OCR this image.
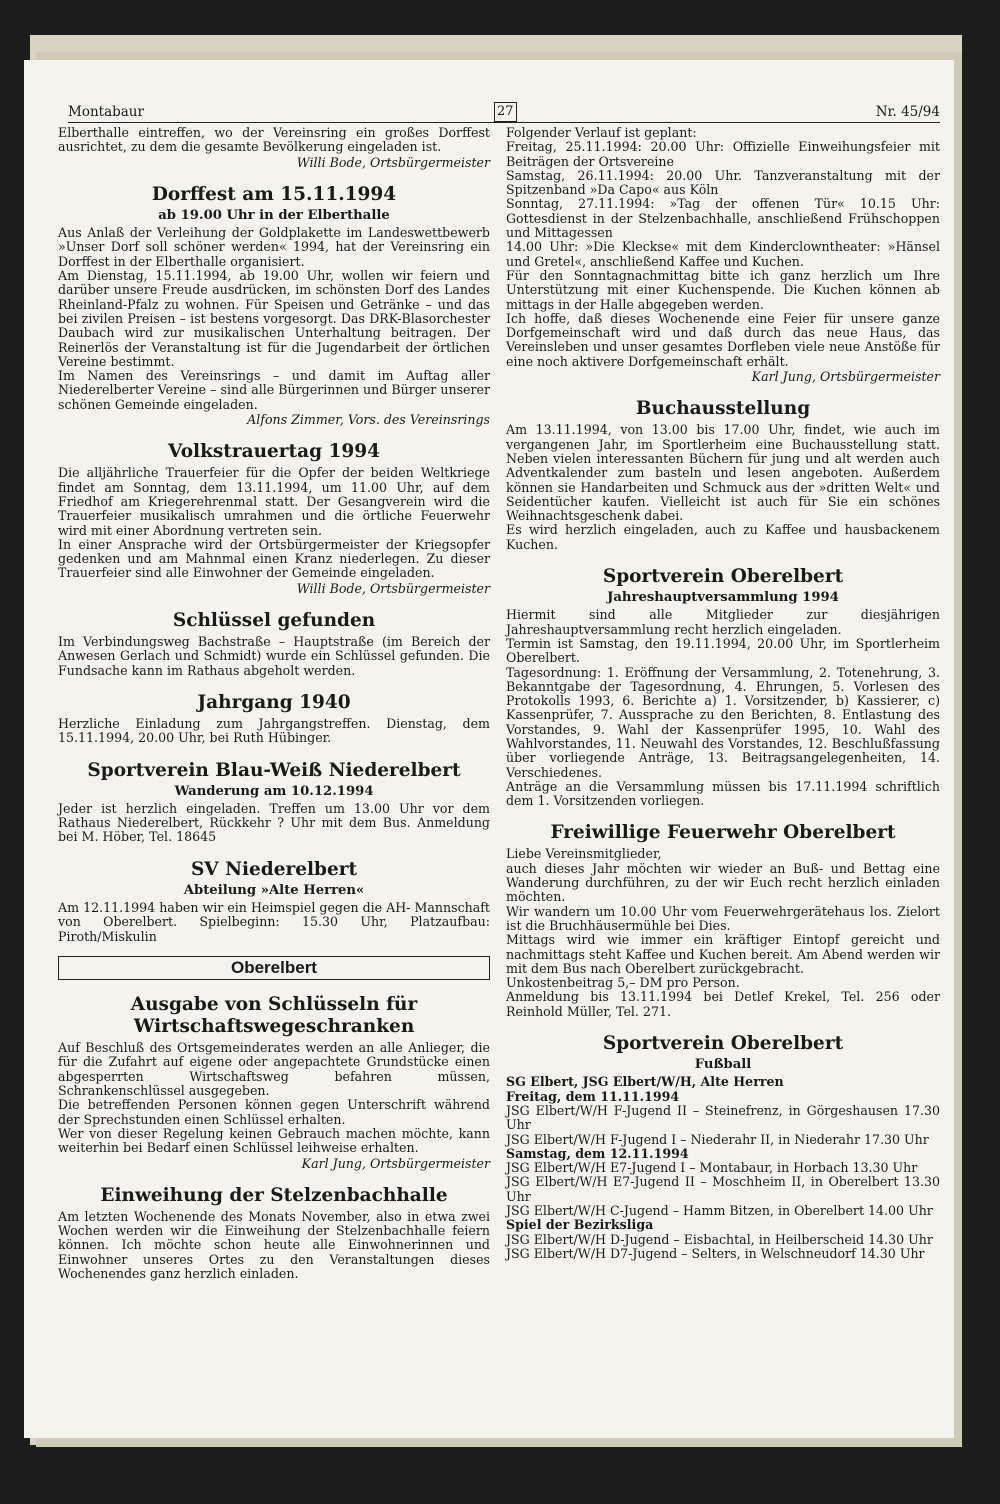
Montabaur	27	Nr. 45/94

Elberthalle eintreffen, wo der Vereinsring ein großes Dorffest ausrichtet, zu dem die gesamte Bevölkerung eingeladen ist.

Willi Bode, Ortsbürgermeister

Dorffest am 15.11.1994
ab 19.00 Uhr in der Elberthalle

Aus Anlaß der Verleihung der Goldplakette im Landeswettbewerb »Unser Dorf soll schöner werden« 1994, hat der Vereinsring ein Dorffest in der Elberthalle organisiert.

Am Dienstag, 15.11.1994, ab 19.00 Uhr, wollen wir feiern und darüber unsere Freude ausdrücken, im schönsten Dorf des Landes Rheinland-Pfalz zu wohnen. Für Speisen und Getränke – und das bei zivilen Preisen – ist bestens vorgesorgt. Das DRK-Blasorchester Daubach wird zur musikalischen Unterhaltung beitragen. Der Reinerlös der Veranstaltung ist für die Jugendarbeit der örtlichen Vereine bestimmt.

Im Namen des Vereinsrings – und damit im Auftag aller Niederelberter Vereine – sind alle Bürgerinnen und Bürger unserer schönen Gemeinde eingeladen.

Alfons Zimmer, Vors. des Vereinsrings

Volkstrauertag 1994

Die alljährliche Trauerfeier für die Opfer der beiden Weltkriege findet am Sonntag, dem 13.11.1994, um 11.00 Uhr, auf dem Friedhof am Kriegerehrenmal statt. Der Gesangverein wird die Trauerfeier musikalisch umrahmen und die örtliche Feuerwehr wird mit einer Abordnung vertreten sein.

In einer Ansprache wird der Ortsbürgermeister der Kriegsopfer gedenken und am Mahnmal einen Kranz niederlegen. Zu dieser Trauerfeier sind alle Einwohner der Gemeinde eingeladen.

Willi Bode, Ortsbürgermeister

Schlüssel gefunden

Im Verbindungsweg Bachstraße – Hauptstraße (im Bereich der Anwesen Gerlach und Schmidt) wurde ein Schlüssel gefunden. Die Fundsache kann im Rathaus abgeholt werden.

Jahrgang 1940

Herzliche Einladung zum Jahrgangstreffen. Dienstag, dem 15.11.1994, 20.00 Uhr, bei Ruth Hübinger.

Sportverein Blau-Weiß Niederelbert
Wanderung am 10.12.1994

Jeder ist herzlich eingeladen. Treffen um 13.00 Uhr vor dem Rathaus Niederelbert, Rückkehr ? Uhr mit dem Bus. Anmeldung bei M. Höber, Tel. 18645

SV Niederelbert
Abteilung »Alte Herren«

Am 12.11.1994 haben wir ein Heimspiel gegen die AH- Mannschaft von Oberelbert. Spielbeginn: 15.30 Uhr, Platzaufbau: Piroth/Miskulin

Oberelbert
Ausgabe von Schlüsseln für Wirtschaftswegeschranken

Auf Beschluß des Ortsgemeinderates werden an alle Anlieger, die für die Zufahrt auf eigene oder angepachtete Grundstücke einen abgesperrten Wirtschaftsweg befahren müssen, Schrankenschlüssel ausgegeben.

Die betreffenden Personen können gegen Unterschrift während der Sprechstunden einen Schlüssel erhalten.

Wer von dieser Regelung keinen Gebrauch machen möchte, kann weiterhin bei Bedarf einen Schlüssel leihweise erhalten.

Karl Jung, Ortsbürgermeister

Einweihung der Stelzenbachhalle

Am letzten Wochenende des Monats November, also in etwa zwei Wochen werden wir die Einweihung der Stelzenbachhalle feiern können. Ich möchte schon heute alle Einwohnerinnen und Einwohner unseres Ortes zu den Veranstaltungen dieses Wochenendes ganz herzlich einladen.

Folgender Verlauf ist geplant:

Freitag, 25.11.1994: 20.00 Uhr: Offizielle Einweihungsfeier mit Beiträgen der Ortsvereine

Samstag, 26.11.1994: 20.00 Uhr. Tanzveranstaltung mit der Spitzenband »Da Capo« aus Köln

Sonntag, 27.11.1994: »Tag der offenen Tür« 10.15 Uhr: Gottesdienst in der Stelzenbachhalle, anschließend Frühschoppen und Mittagessen

14.00 Uhr: »Die Kleckse« mit dem Kinderclowntheater: »Hänsel und Gretel«, anschließend Kaffee und Kuchen.

Für den Sonntagnachmittag bitte ich ganz herzlich um Ihre Unterstützung mit einer Kuchenspende. Die Kuchen können ab mittags in der Halle abgegeben werden.

Ich hoffe, daß dieses Wochenende eine Feier für unsere ganze Dorfgemeinschaft wird und daß durch das neue Haus, das Vereinsleben und unser gesamtes Dorfleben viele neue Anstöße für eine noch aktivere Dorfgemeinschaft erhält.

Karl Jung, Ortsbürgermeister

Buchausstellung

Am 13.11.1994, von 13.00 bis 17.00 Uhr, findet, wie auch im vergangenen Jahr, im Sportlerheim eine Buchausstellung statt. Neben vielen interessanten Büchern für jung und alt werden auch Adventkalender zum basteln und lesen angeboten. Außerdem können sie Handarbeiten und Schmuck aus der »dritten Welt« und Seidentücher kaufen. Vielleicht ist auch für Sie ein schönes Weihnachtsgeschenk dabei.

Es wird herzlich eingeladen, auch zu Kaffee und hausbackenem Kuchen.

Sportverein Oberelbert
Jahreshauptversammlung 1994

Hiermit sind alle Mitglieder zur diesjährigen Jahreshauptversammlung recht herzlich eingeladen.

Termin ist Samstag, den 19.11.1994, 20.00 Uhr, im Sportlerheim Oberelbert.

Tagesordnung: 1. Eröffnung der Versammlung, 2. Totenehrung, 3. Bekanntgabe der Tagesordnung, 4. Ehrungen, 5. Vorlesen des Protokolls 1993, 6. Berichte a) 1. Vorsitzender, b) Kassierer, c) Kassenprüfer, 7. Aussprache zu den Berichten, 8. Entlastung des Vorstandes, 9. Wahl der Kassenprüfer 1995, 10. Wahl des Wahlvorstandes, 11. Neuwahl des Vorstandes, 12. Beschlußfassung über vorliegende Anträge, 13. Beitragsangelegenheiten, 14. Verschiedenes.

Anträge an die Versammlung müssen bis 17.11.1994 schriftlich dem 1. Vorsitzenden vorliegen.

Freiwillige Feuerwehr Oberelbert

Liebe Vereinsmitglieder,

auch dieses Jahr möchten wir wieder an Buß- und Bettag eine Wanderung durchführen, zu der wir Euch recht herzlich einladen möchten.

Wir wandern um 10.00 Uhr vom Feuerwehrgerätehaus los. Zielort ist die Bruchhäusermühle bei Dies.

Mittags wird wie immer ein kräftiger Eintopf gereicht und nachmittags steht Kaffee und Kuchen bereit. Am Abend werden wir mit dem Bus nach Oberelbert zurückgebracht.

Unkostenbeitrag 5,– DM pro Person.

Anmeldung bis 13.11.1994 bei Detlef Krekel, Tel. 256 oder Reinhold Müller, Tel. 271.

Sportverein Oberelbert
Fußball

SG Elbert, JSG Elbert/W/H, Alte Herren

Freitag, dem 11.11.1994

JSG Elbert/W/H F-Jugend II – Steinefrenz, in Görgeshausen 17.30 Uhr

JSG Elbert/W/H F-Jugend I – Niederahr II, in Niederahr 17.30 Uhr

Samstag, dem 12.11.1994

JSG Elbert/W/H E7-Jugend I – Montabaur, in Horbach 13.30 Uhr

JSG Elbert/W/H E7-Jugend II – Moschheim II, in Oberelbert 13.30 Uhr

JSG Elbert/W/H C-Jugend – Hamm Bitzen, in Oberelbert 14.00 Uhr

Spiel der Bezirksliga

JSG Elbert/W/H D-Jugend – Eisbachtal, in Heilberscheid 14.30 Uhr

JSG Elbert/W/H D7-Jugend – Selters, in Welschneudorf 14.30 Uhr
